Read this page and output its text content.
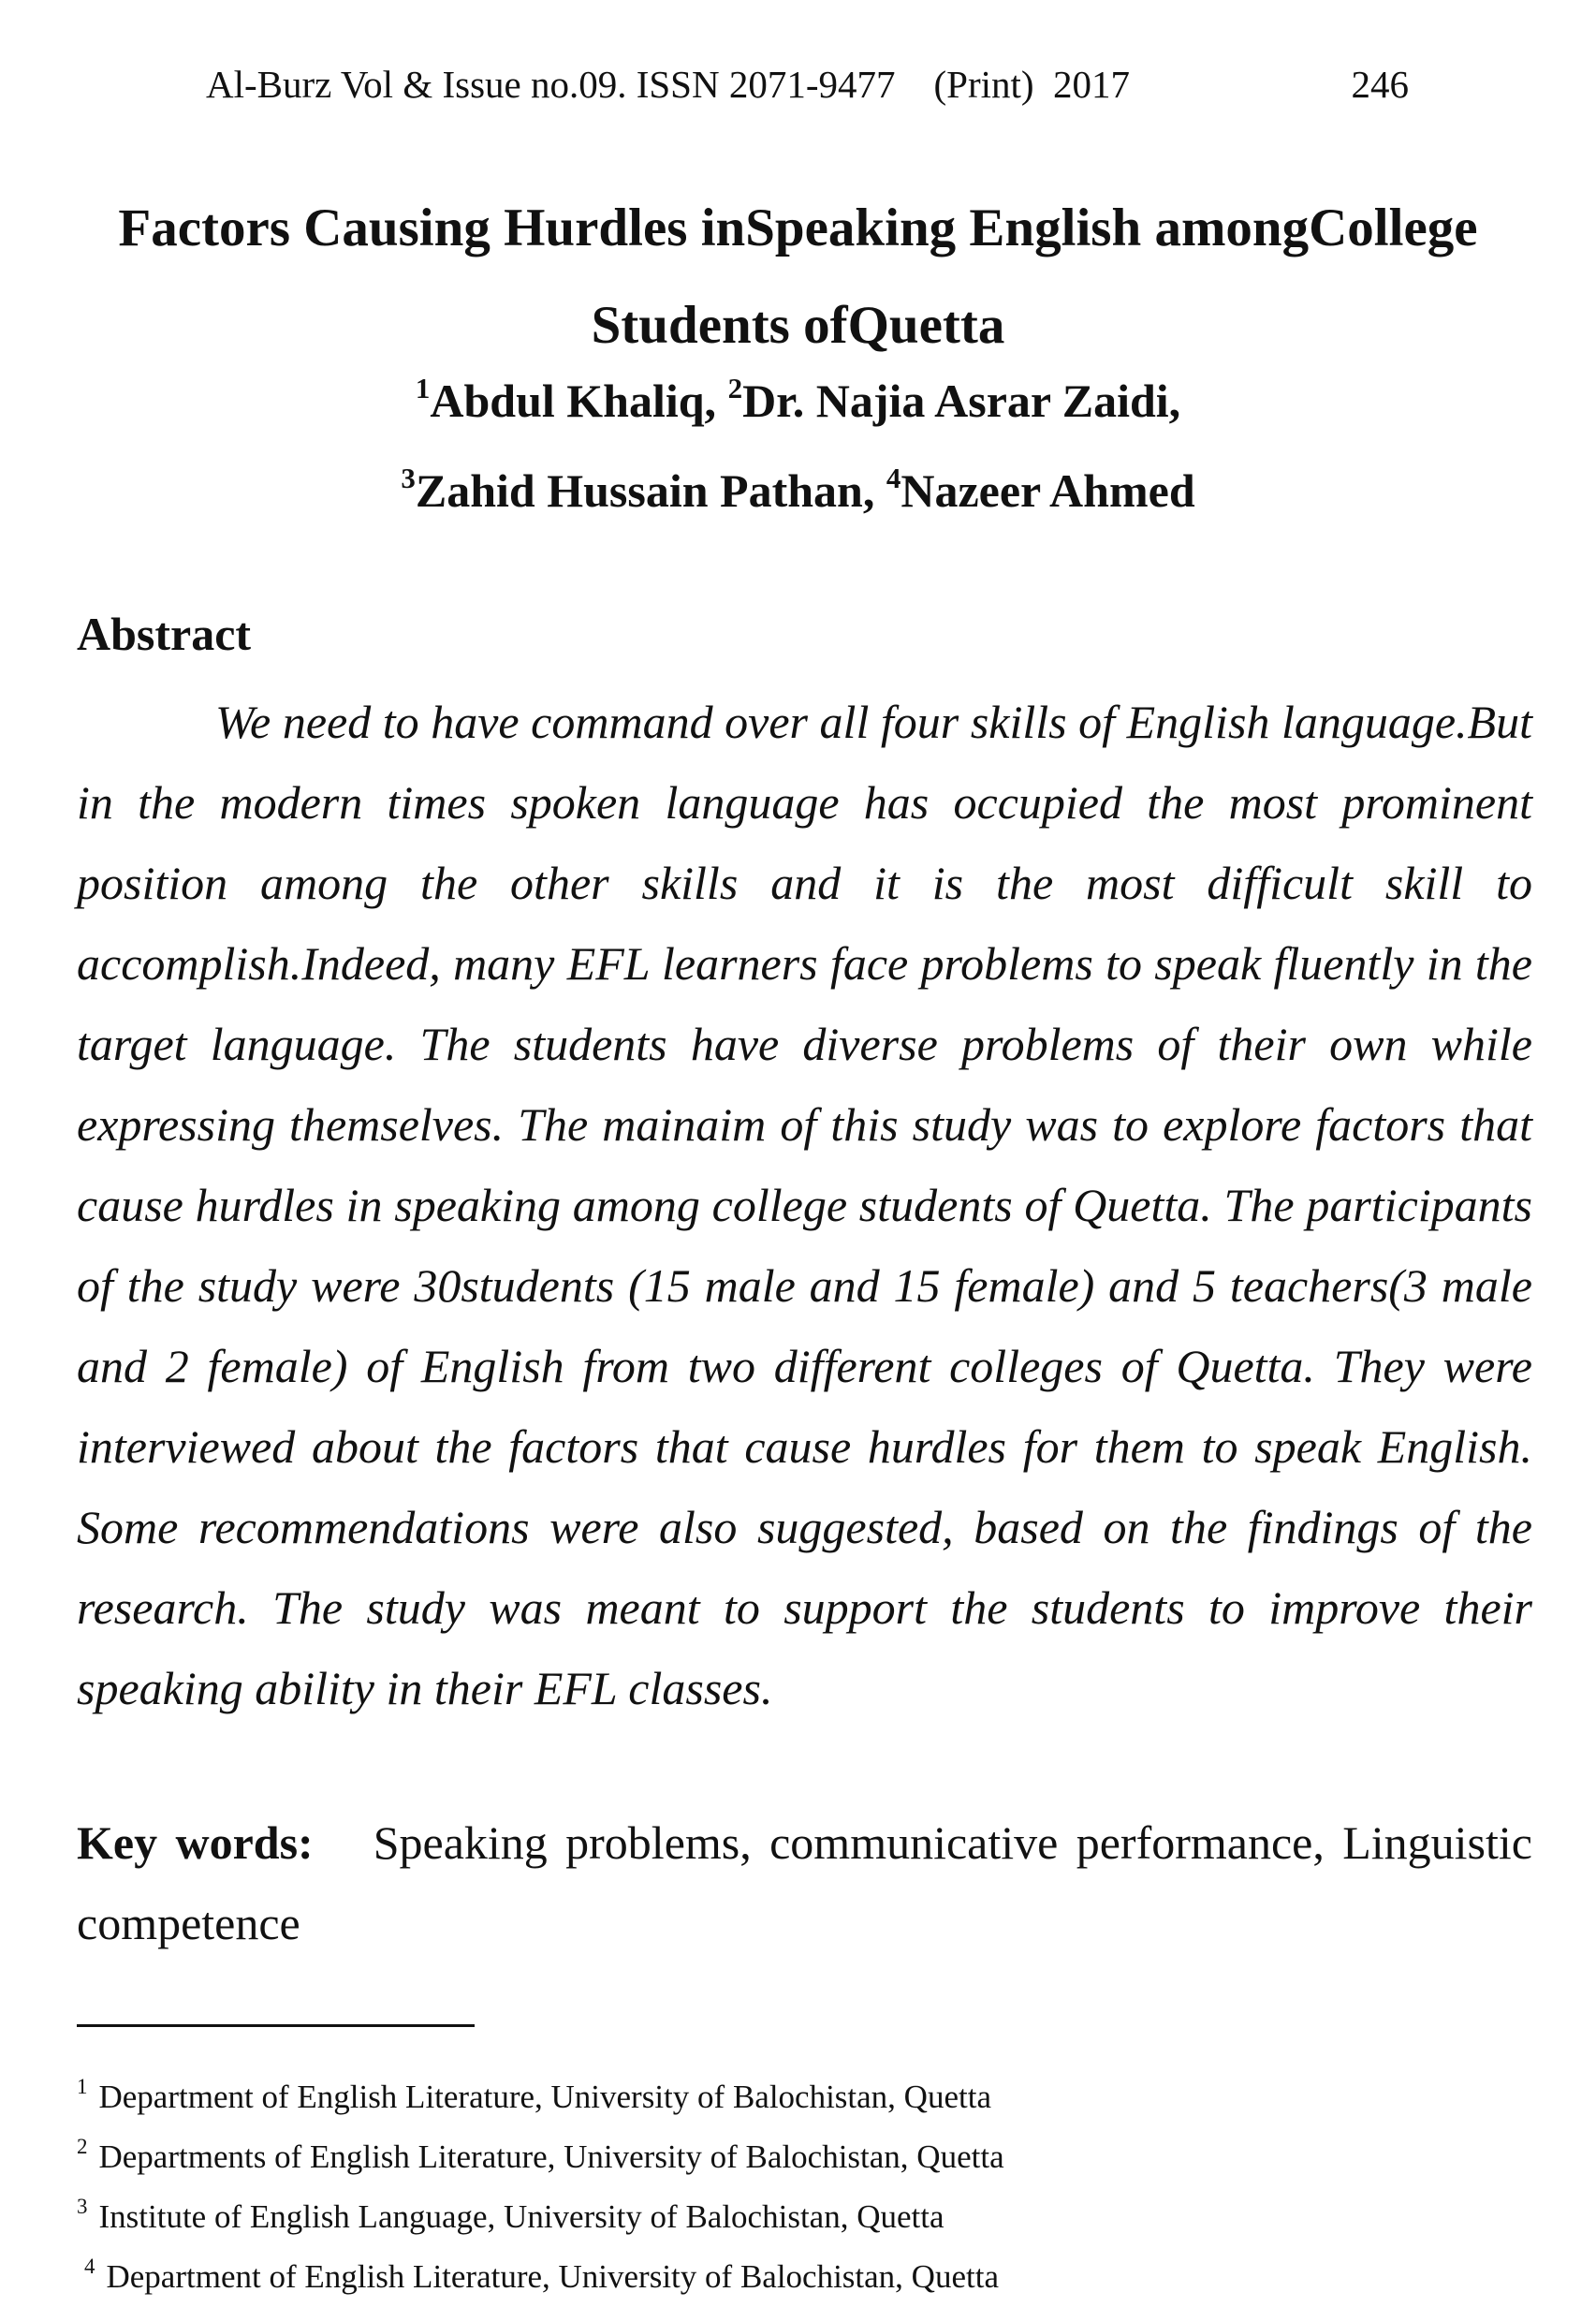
Al-Burz Vol & Issue no.09. ISSN 2071-9477    (Print)  2017	246
Factors Causing Hurdles inSpeaking English amongCollege
Students ofQuetta
$^1$Abdul Khaliq, $^2$Dr. Najia Asrar Zaidi,
$^3$Zahid Hussain Pathan, $^4$Nazeer Ahmed
Abstract

We need to have command over all four skills of English language.But in the modern times spoken language has occupied the most prominent position among the other skills and it is the most difficult skill to accomplish.Indeed, many EFL learners face problems to speak fluently in the target language. The students have diverse problems of their own while expressing themselves. The mainaim of this study was to explore factors that cause hurdles in speaking among college students of Quetta. The participants of the study were 30students (15 male and 15 female) and 5 teachers(3 male and 2 female) of English from two different colleges of Quetta. They were interviewed about the factors that cause hurdles for them to speak English. Some recommendations were also suggested, based on the findings of the research. The study was meant to support the students to improve their speaking ability in their EFL classes.

Key words: Speaking problems, communicative performance, Linguistic competence

$^1$ Department of English Literature, University of Balochistan, Quetta
$^2$ Departments of English Literature, University of Balochistan, Quetta
$^3$ Institute of English Language, University of Balochistan, Quetta
$^4$ Department of English Literature, University of Balochistan, Quetta
